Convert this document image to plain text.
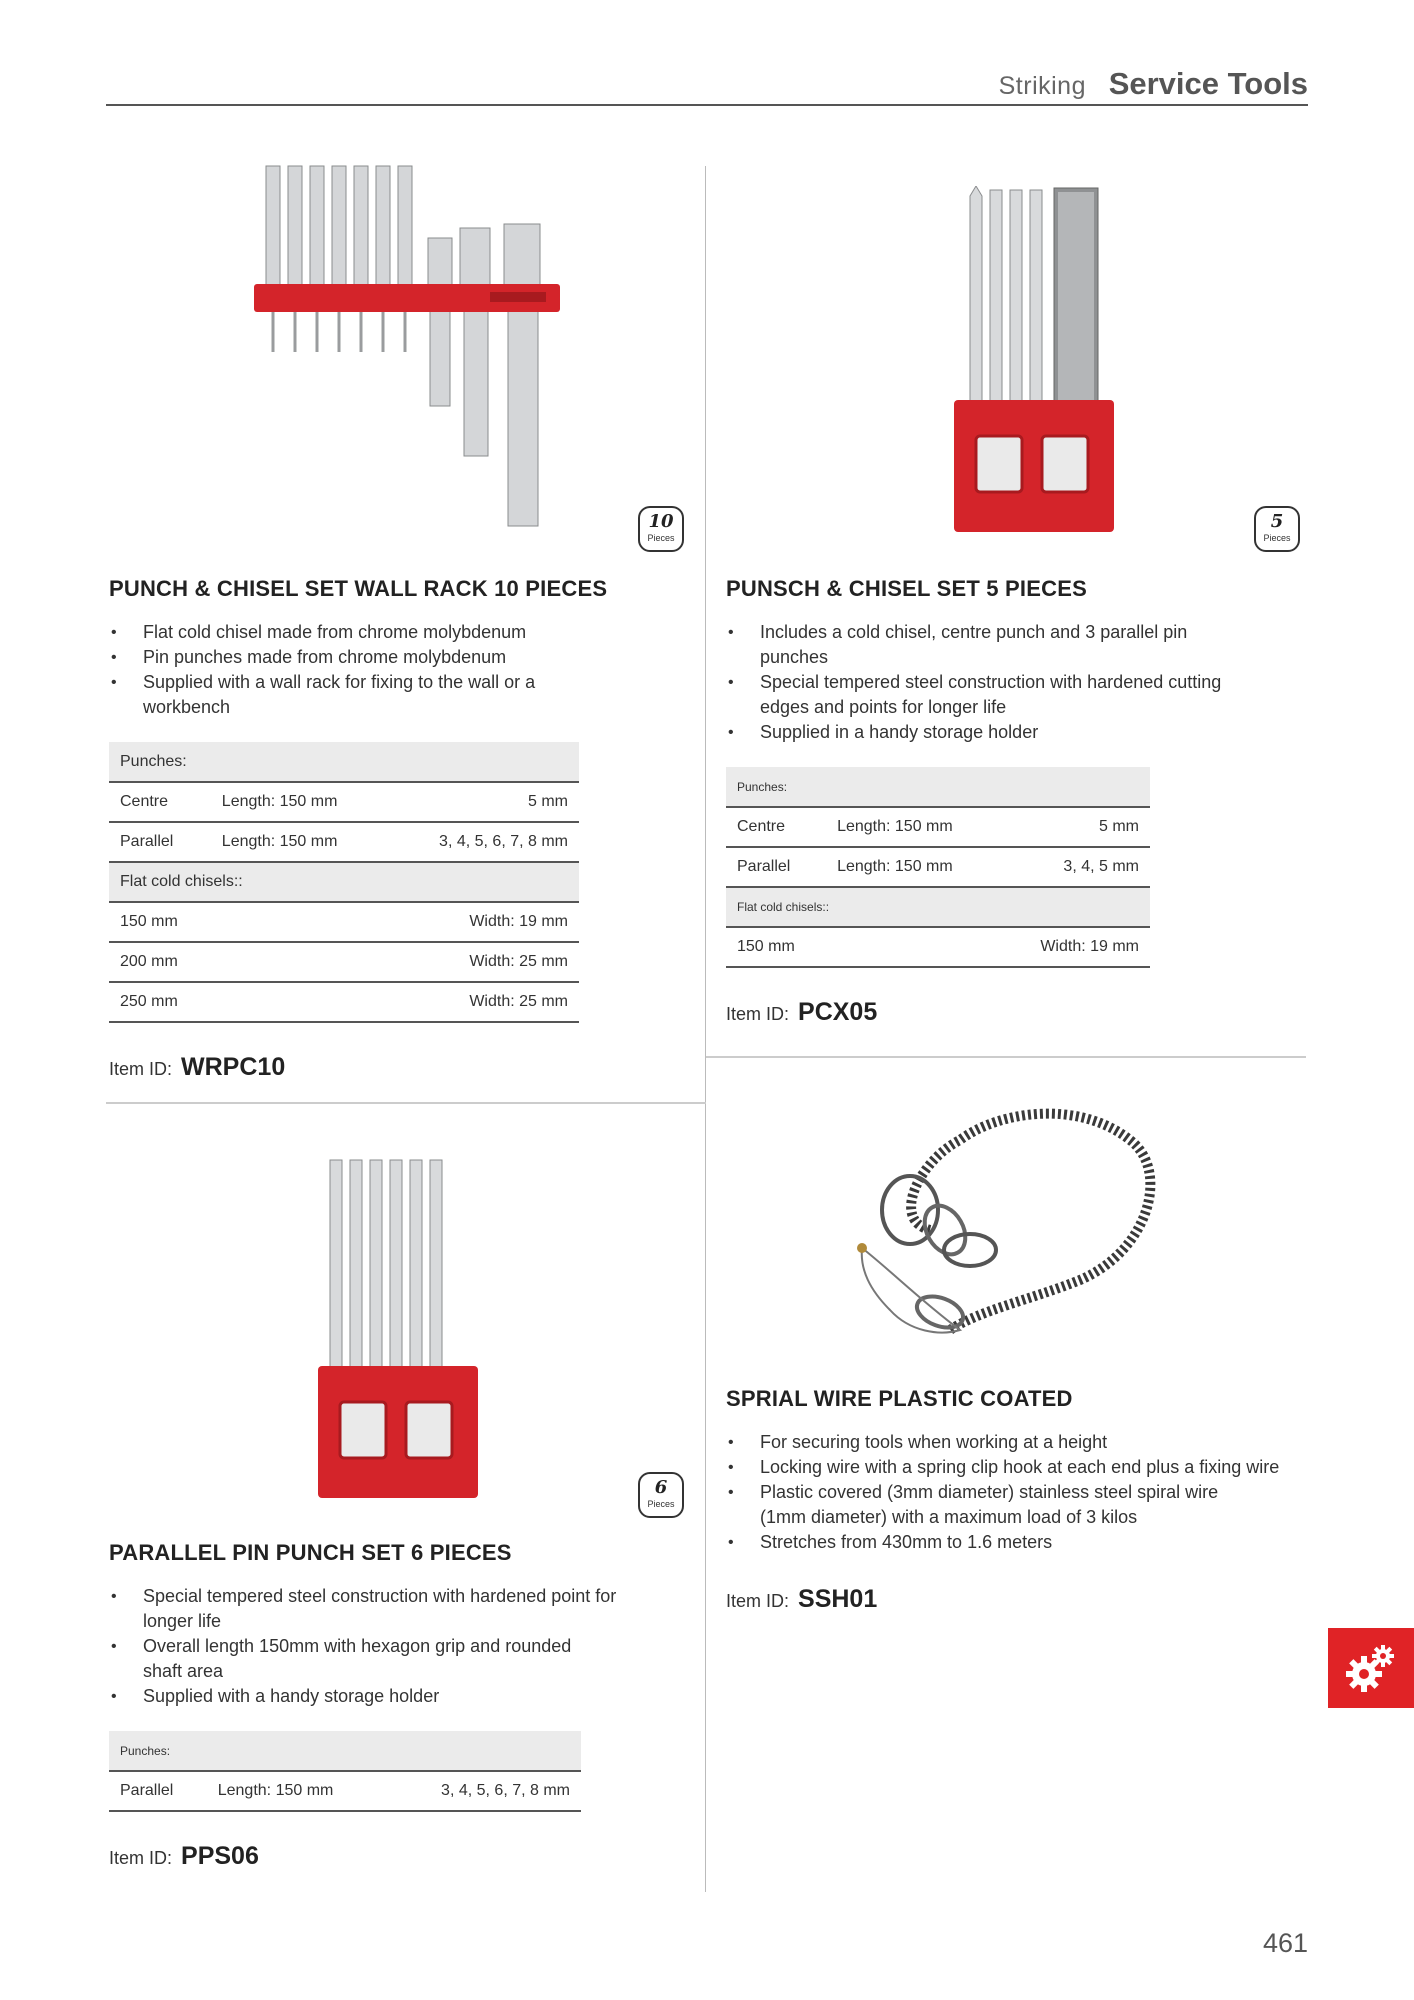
Striking Service Tools
10
Pieces
PUNCH & CHISEL SET WALL RACK 10 PIECES
• Flat cold chisel made from chrome molybdenum
• Pin punches made from chrome molybdenum
• Supplied with a wall rack for fixing to the wall or a workbench
Punches:		
Centre	Length: 150 mm	5 mm
Parallel	Length: 150 mm	3, 4, 5, 6, 7, 8 mm
Flat cold chisels::		
150 mm		Width: 19 mm
200 mm		Width: 25 mm
250 mm		Width: 25 mm
Item ID: WRPC10
5
Pieces
PUNSCH & CHISEL SET 5 PIECES
• Includes a cold chisel, centre punch and 3 parallel pin punches
• Special tempered steel construction with hardened cutting edges and points for longer life
• Supplied in a handy storage holder
Punches:		
Centre	Length: 150 mm	5 mm
Parallel	Length: 150 mm	3, 4, 5 mm
Flat cold chisels::		
150 mm		Width: 19 mm
Item ID: PCX05
6
Pieces
PARALLEL PIN PUNCH SET 6 PIECES
• Special tempered steel construction with hardened point for longer life
• Overall length 150mm with hexagon grip and rounded shaft area
• Supplied with a handy storage holder
Punches:
Parallel	Length: 150 mm	3, 4, 5, 6, 7, 8 mm
Item ID: PPS06
SPRIAL WIRE PLASTIC COATED
• For securing tools when working at a height
• Locking wire with a spring clip hook at each end plus a fixing wire
• Plastic covered (3mm diameter) stainless steel spiral wire (1mm diameter) with a maximum load of 3 kilos
• Stretches from 430mm to 1.6 meters
Item ID: SSH01
461
